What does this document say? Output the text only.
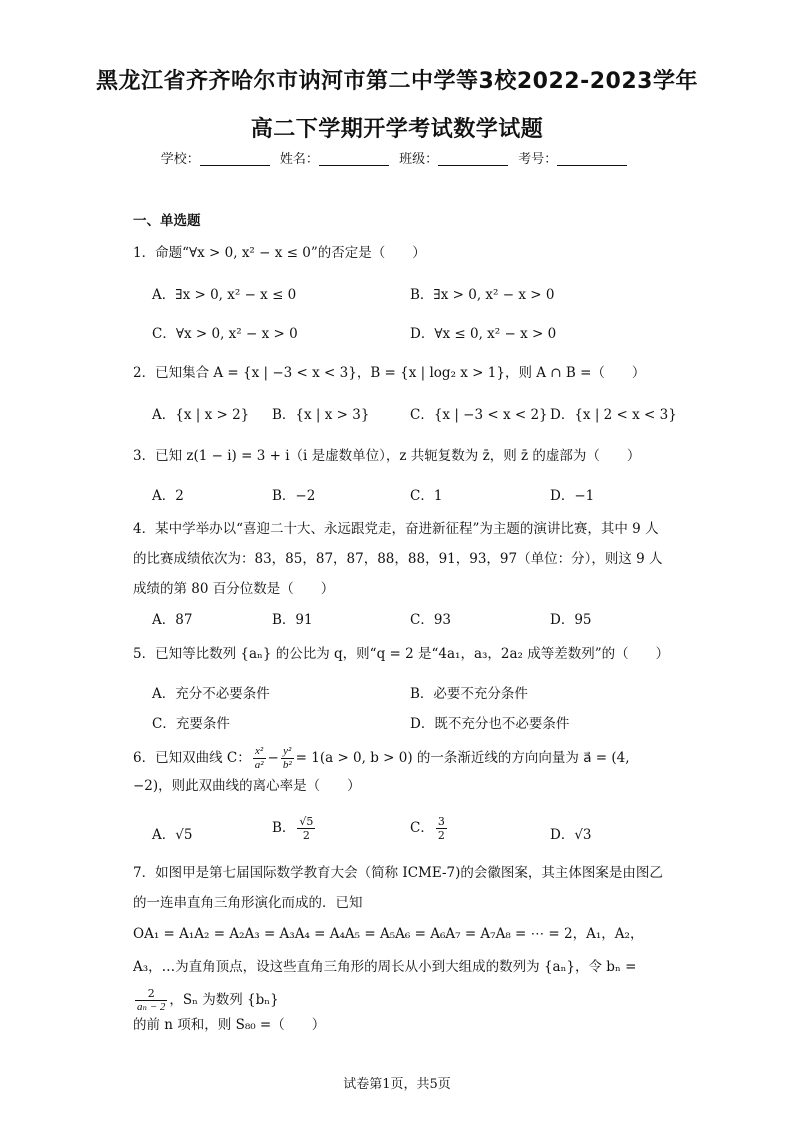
黑龙江省齐齐哈尔市讷河市第二中学等3校2022-2023学年
高二下学期开学考试数学试题
学校：	姓名：	班级：	考号：
一、单选题
1．命题“∀x > 0, x² − x ≤ 0”的否定是（　　）
A．∃x > 0, x² − x ≤ 0	B．∃x > 0, x² − x > 0
C．∀x > 0, x² − x > 0	D．∀x ≤ 0, x² − x > 0
2．已知集合 A = {x | −3 < x < 3}，B = {x | log₂ x > 1}，则 A ∩ B =（　　）
A．{x | x > 2} B．{x | x > 3}	C．{x | −3 < x < 2} D．{x | 2 < x < 3}
3．已知 z(1 − i) = 3 + i（i 是虚数单位），z 共轭复数为 z̄，则 z̄ 的虚部为（　　）
A．2	B．−2	C．1	D．−1
4．某中学举办以“喜迎二十大、永远跟党走，奋进新征程”为主题的演讲比赛，其中 9 人的比赛成绩依次为：83，85，87，87，88，88，91，93，97（单位：分），则这 9 人成绩的第 80 百分位数是（　　）
A．87	B．91	C．93	D．95
5．已知等比数列 {aₙ} 的公比为 q，则“q = 2 是“4a₁，a₃，2a₂ 成等差数列”的（　　）
A．充分不必要条件	B．必要不充分条件
C．充要条件	D．既不充分也不必要条件
6．已知双曲线 C： $\frac{\text{x²}}{\text{a²}} - \frac{\text{y²}}{\text{b²}} = 1(a > 0$, b > 0) 的一条渐近线的方向向量为 a⃗ = (4, −2)，则此双曲线的离心率是（　　）
A．√5	B． $\frac{√5}{2}$	C． $\frac{3}{2}$	D．√3
7．如图甲是第七届国际数学教育大会（简称 ICME-7)的会徽图案，其主体图案是由图乙的一连串直角三角形演化而成的．已知
OA₁ = A₁A₂ = A₂A₃ = A₃A₄ = A₄A₅ = A₅A₆ = A₆A₇ = A₇A₈ = ⋯ = 2，A₁，A₂，A₃，…为直角顶点，设这些直角三角形的周长从小到大组成的数列为 {aₙ}，令 bₙ =
$\frac{2}{\text{aₙ − 2}}$ ，Sₙ 为数列 {bₙ}
的前 n 项和，则 S₈₀ =（　　）
试卷第1页，共5页
